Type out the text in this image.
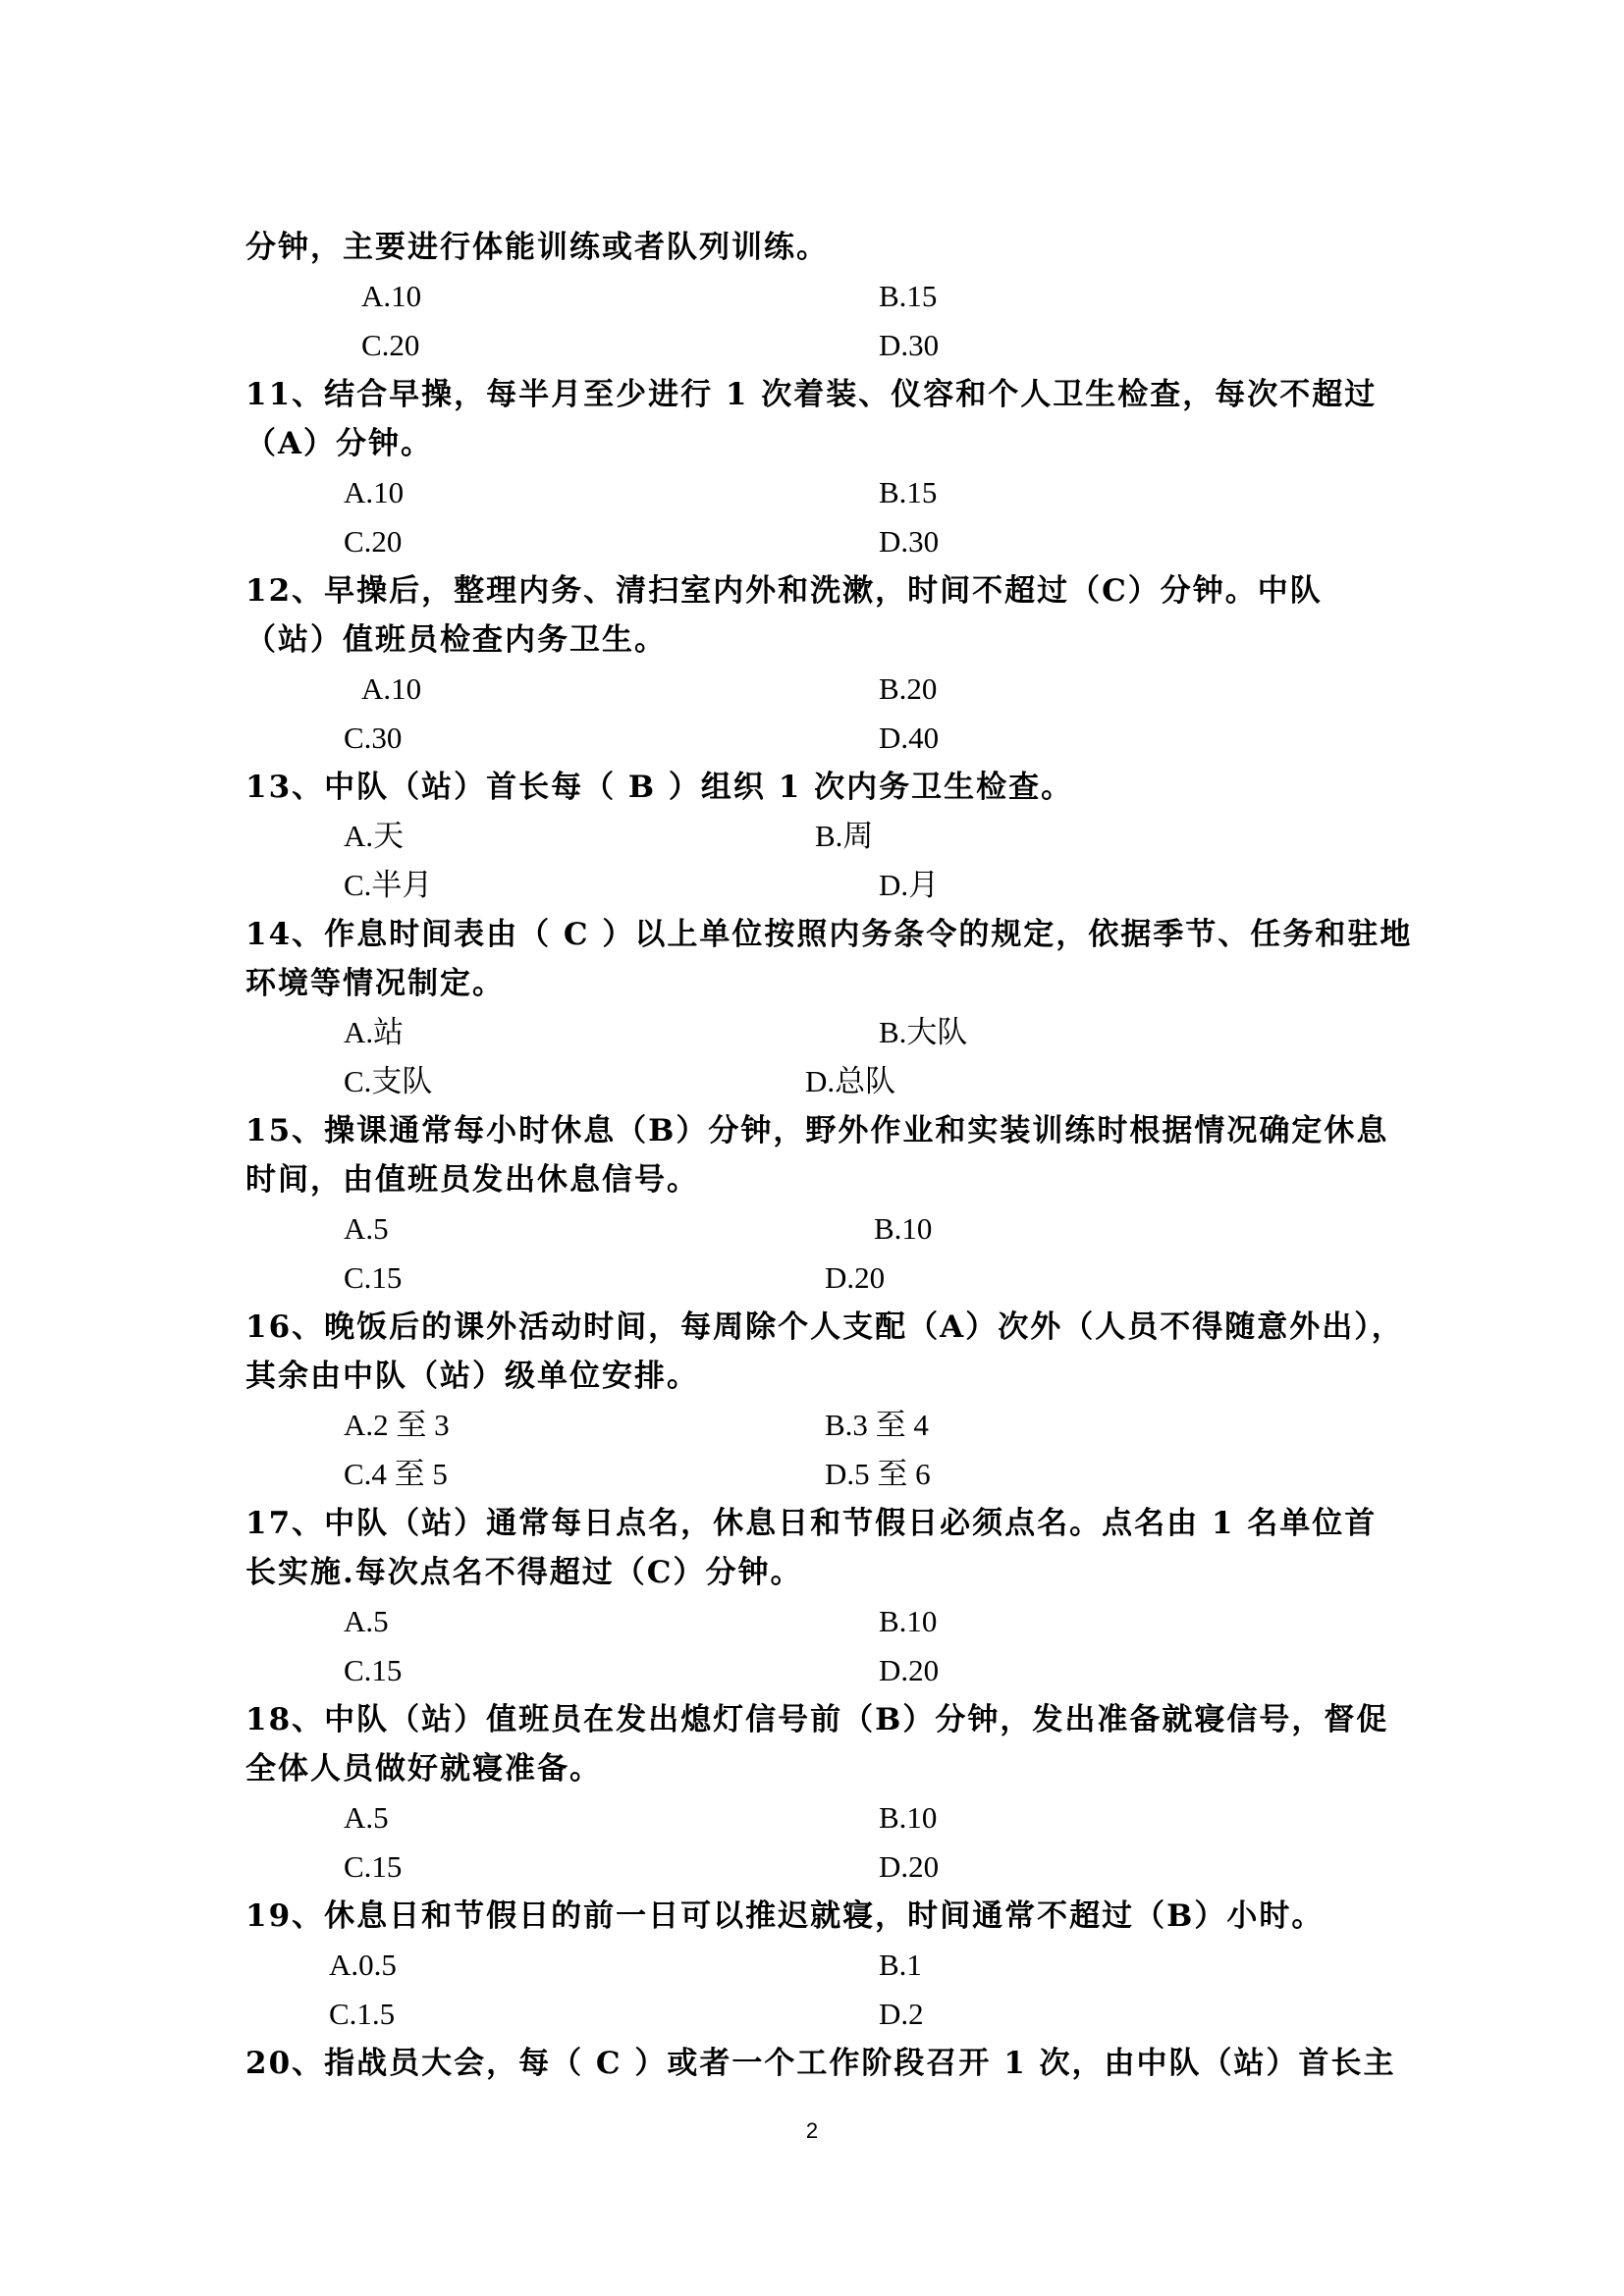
分钟，主要进行体能训练或者队列训练。
11、结合早操，每半月至少进行 1 次着装、仪容和个人卫生检查，每次不超过
（A）分钟。
12、早操后，整理内务、清扫室内外和洗漱，时间不超过（C）分钟。中队
（站）值班员检查内务卫生。
13、中队（站）首长每（ B ）组织 1 次内务卫生检查。
14、作息时间表由（ C ）以上单位按照内务条令的规定，依据季节、任务和驻地
环境等情况制定。
15、操课通常每小时休息（B）分钟，野外作业和实装训练时根据情况确定休息
时间，由值班员发出休息信号。
16、晚饭后的课外活动时间，每周除个人支配（A）次外（人员不得随意外出），
其余由中队（站）级单位安排。
17、中队（站）通常每日点名，休息日和节假日必须点名。点名由 1 名单位首
长实施.每次点名不得超过（C）分钟。
18、中队（站）值班员在发出熄灯信号前（B）分钟，发出准备就寝信号，督促
全体人员做好就寝准备。
19、休息日和节假日的前一日可以推迟就寝，时间通常不超过（B）小时。
20、指战员大会，每（ C ）或者一个工作阶段召开 1 次，由中队（站）首长主
A.10	B.15
C.20	D.30
A.10	B.15
C.20	D.30
A.10	B.20
C.30	D.40
A.天	B.周
C.半月	D.月
A.站	B.大队
C.支队	D.总队
A.5	B.10
C.15	D.20
A.2 至 3	B.3 至 4
C.4 至 5	D.5 至 6
A.5	B.10
C.15	D.20
A.5	B.10
C.15	D.20
A.0.5	B.1
C.1.5	D.2
2
